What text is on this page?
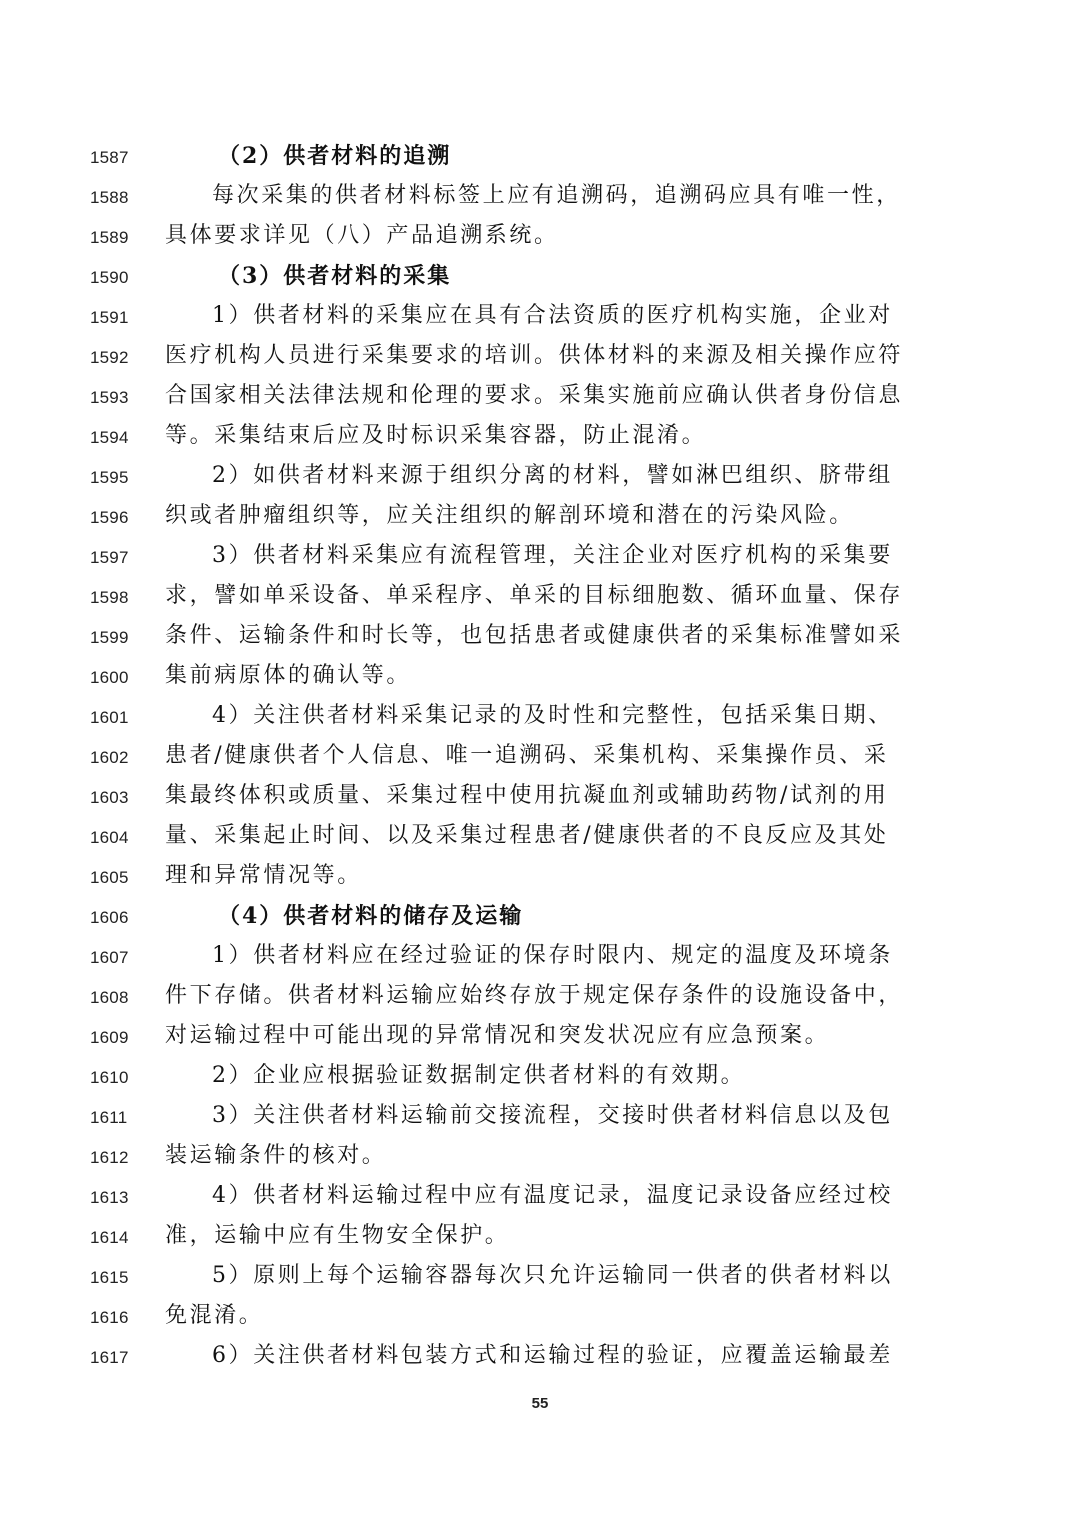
1587	（2）供者材料的追溯
1588	每次采集的供者材料标签上应有追溯码，追溯码应具有唯一性，
1589 具体要求详见（八）产品追溯系统。
1590	（3）供者材料的采集
1591	1）供者材料的采集应在具有合法资质的医疗机构实施，企业对
1592 医疗机构人员进行采集要求的培训。供体材料的来源及相关操作应符
1593 合国家相关法律法规和伦理的要求。采集实施前应确认供者身份信息
1594 等。采集结束后应及时标识采集容器，防止混淆。
1595	2）如供者材料来源于组织分离的材料，譬如淋巴组织、脐带组
1596 织或者肿瘤组织等，应关注组织的解剖环境和潜在的污染风险。
1597	3）供者材料采集应有流程管理，关注企业对医疗机构的采集要
1598 求，譬如单采设备、单采程序、单采的目标细胞数、循环血量、保存
1599 条件、运输条件和时长等，也包括患者或健康供者的采集标准譬如采
1600 集前病原体的确认等。
1601	4）关注供者材料采集记录的及时性和完整性，包括采集日期、
1602 患者/健康供者个人信息、唯一追溯码、采集机构、采集操作员、采
1603 集最终体积或质量、采集过程中使用抗凝血剂或辅助药物/试剂的用
1604 量、采集起止时间、以及采集过程患者/健康供者的不良反应及其处
1605 理和异常情况等。
1606	（4）供者材料的储存及运输
1607	1）供者材料应在经过验证的保存时限内、规定的温度及环境条
1608 件下存储。供者材料运输应始终存放于规定保存条件的设施设备中，
1609 对运输过程中可能出现的异常情况和突发状况应有应急预案。
1610	2）企业应根据验证数据制定供者材料的有效期。
1611	3）关注供者材料运输前交接流程，交接时供者材料信息以及包
1612 装运输条件的核对。
1613	4）供者材料运输过程中应有温度记录，温度记录设备应经过校
1614 准，运输中应有生物安全保护。
1615	5）原则上每个运输容器每次只允许运输同一供者的供者材料以
1616 免混淆。
1617	6）关注供者材料包装方式和运输过程的验证，应覆盖运输最差
55
